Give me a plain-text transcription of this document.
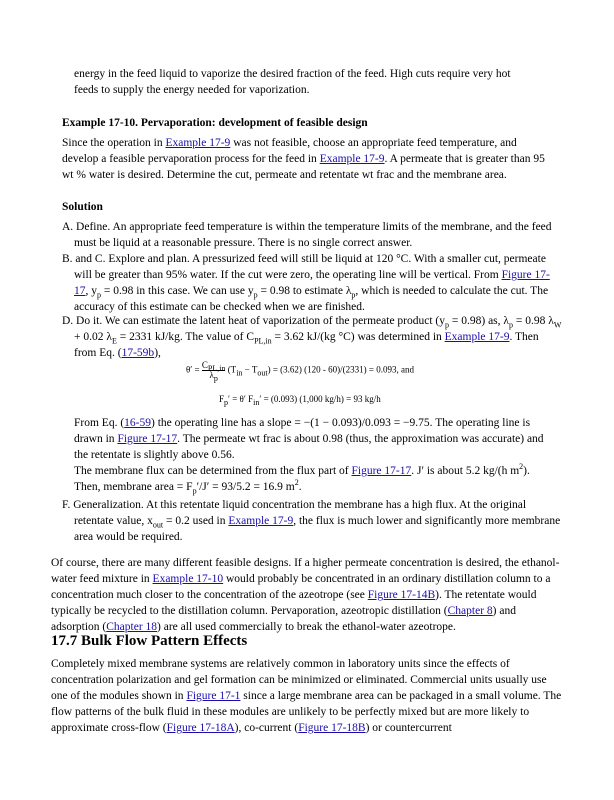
energy in the feed liquid to vaporize the desired fraction of the feed. High cuts require very hot
feeds to supply the energy needed for vaporization.
Example 17-10. Pervaporation: development of feasible design
Since the operation in Example 17-9 was not feasible, choose an appropriate feed temperature, and develop a feasible pervaporation process for the feed in Example 17-9. A permeate that is greater than 95 wt % water is desired. Determine the cut, permeate and retentate wt frac and the membrane area.
Solution
A. Define. An appropriate feed temperature is within the temperature limits of the membrane, and the feed must be liquid at a reasonable pressure. There is no single correct answer.
B. and C. Explore and plan. A pressurized feed will still be liquid at 120 °C. With a smaller cut, permeate will be greater than 95% water. If the cut were zero, the operating line will be vertical. From Figure 17-17, $y_p = 0.98$ in this case. We can use $y_p = 0.98$ to estimate $\lambda_p$, which is needed to calculate the cut. The accuracy of this estimate can be checked when we are finished.
D. Do it. We can estimate the latent heat of vaporization of the permeate product $(y_p = 0.98)$ as, $\lambda_p = 0.98$ $\lambda_W + 0.02$ $\lambda_E = 2331$ kJ/kg. The value of $C_{PL,in} = 3.62$ kJ/(kg °C) was determined in Example 17-9. Then from Eq. (17-59b),
$\theta' = \frac{C_{PL,in}}{\lambda_p} (T_{in} - T_{out}) = (3.62)$ (120 - 60)/(2331) = 0.093, and
$F_p' = \theta'$ $F_{in}' = (0.093)$ (1,000 kg/h) = 93 kg/h
From Eq. (16-59) the operating line has a slope = −(1 − 0.093)/0.093 = −9.75. The operating line is drawn in Figure 17-17. The permeate wt frac is about 0.98 (thus, the approximation was accurate) and the retentate is slightly above 0.56.
The membrane flux can be determined from the flux part of Figure 17-17. J′ is about 5.2 kg/(h $m^2$). Then, membrane area = $F_p'/J' = 93/5.2 = 16.9$ $m^2$.
F. Generalization. At this retentate liquid concentration the membrane has a high flux. At the original retentate value, $x_{out} = 0.2$ used in Example 17-9, the flux is much lower and significantly more membrane area would be required.
Of course, there are many different feasible designs. If a higher permeate concentration is desired, the ethanol-water feed mixture in Example 17-10 would probably be concentrated in an ordinary distillation column to a concentration much closer to the concentration of the azeotrope (see Figure 17-14B). The retentate would typically be recycled to the distillation column. Pervaporation, azeotropic distillation (Chapter 8) and adsorption (Chapter 18) are all used commercially to break the ethanol-water azeotrope.
17.7 Bulk Flow Pattern Effects
Completely mixed membrane systems are relatively common in laboratory units since the effects of concentration polarization and gel formation can be minimized or eliminated. Commercial units usually use one of the modules shown in Figure 17-1 since a large membrane area can be packaged in a small volume. The flow patterns of the bulk fluid in these modules are unlikely to be perfectly mixed but are more likely to approximate cross-flow (Figure 17-18A), co-current (Figure 17-18B) or countercurrent
